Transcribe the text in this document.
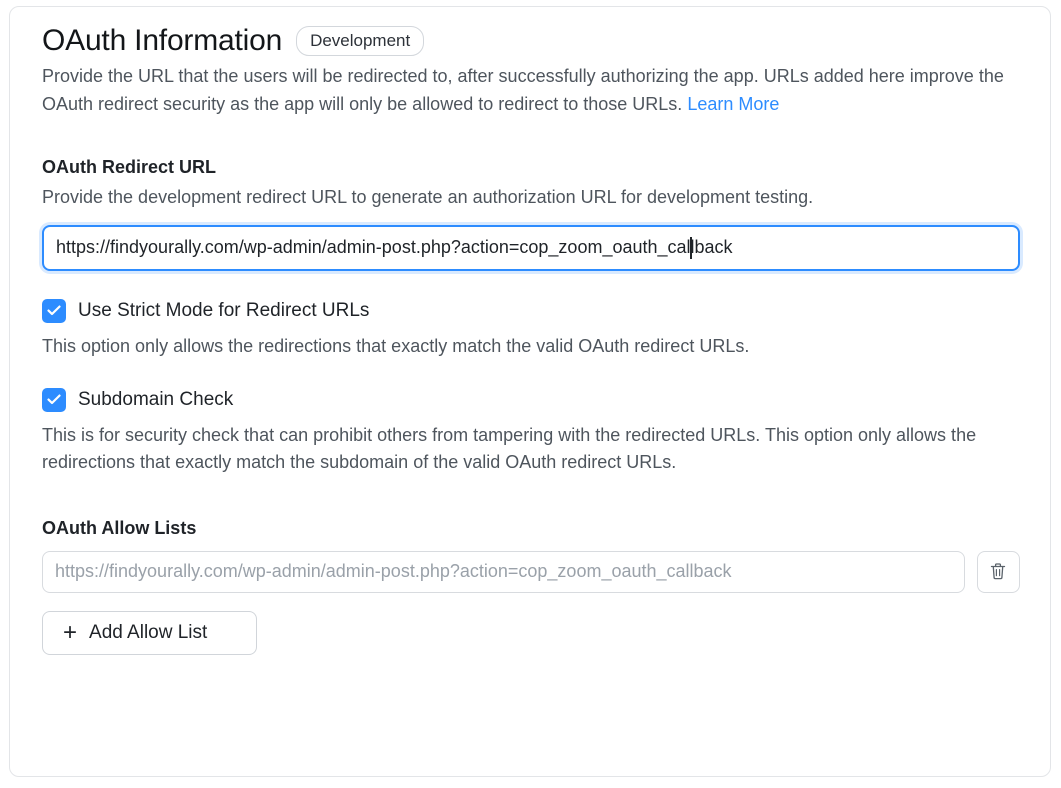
OAuth Information	Development

Provide the URL that the users will be redirected to, after successfully authorizing the app. URLs added here improve the OAuth redirect security as the app will only be allowed to redirect to those URLs. Learn More

OAuth Redirect URL
Provide the development redirect URL to generate an authorization URL for development testing.
https://findyourally.com/wp-admin/admin-post.php?action=cop_zoom_oauth_callback
Use Strict Mode for Redirect URLs
This option only allows the redirections that exactly match the valid OAuth redirect URLs.
Subdomain Check
This is for security check that can prohibit others from tampering with the redirected URLs. This option only allows the redirections that exactly match the subdomain of the valid OAuth redirect URLs.
OAuth Allow Lists
https://findyourally.com/wp-admin/admin-post.php?action=cop_zoom_oauth_callback
+ Add Allow List
